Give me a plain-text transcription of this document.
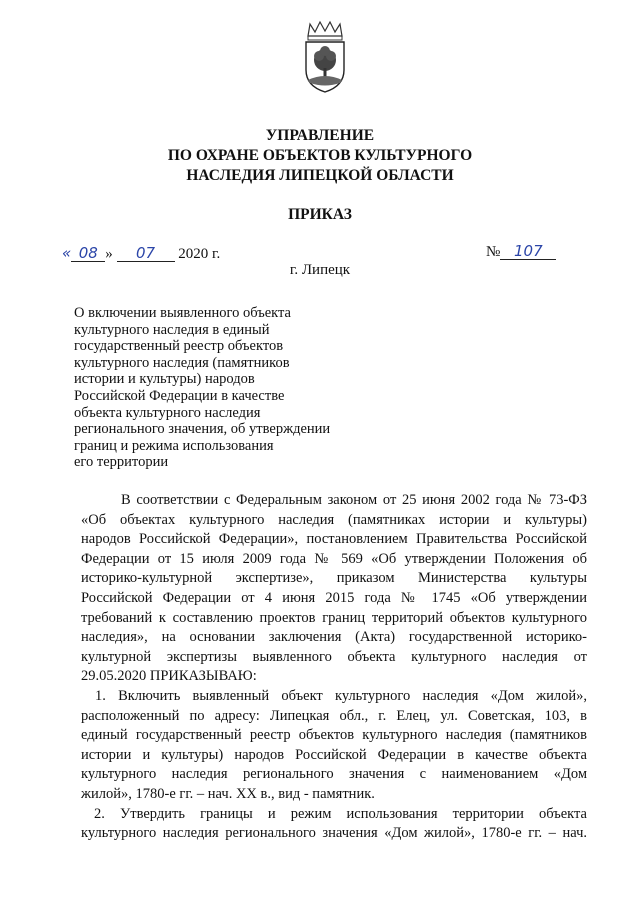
УПРАВЛЕНИЕ
ПО ОХРАНЕ ОБЪЕКТОВ КУЛЬТУРНОГО
НАСЛЕДИЯ ЛИПЕЦКОЙ ОБЛАСТИ
ПРИКАЗ
« 08 » 07 2020 г.	№ 107
г. Липецк
О включении выявленного объекта
культурного наследия в единый
государственный реестр объектов
культурного наследия (памятников
истории и культуры) народов
Российской Федерации в качестве
объекта культурного наследия
регионального значения, об утверждении
границ и режима использования
его территории
В соответствии с Федеральным законом от 25 июня 2002 года № 73-ФЗ
«Об объектах культурного наследия (памятниках истории и культуры)
народов Российской Федерации», постановлением Правительства Российской
Федерации от 15 июля 2009 года № 569 «Об утверждении Положения об
историко-культурной экспертизе», приказом Министерства культуры
Российской Федерации от 4 июня 2015 года № 1745 «Об утверждении
требований к составлению проектов границ территорий объектов культурного
наследия», на основании заключения (Акта) государственной историко-
культурной экспертизы выявленного объекта культурного наследия от
29.05.2020 ПРИКАЗЫВАЮ:
1. Включить выявленный объект культурного наследия «Дом жилой»,
расположенный по адресу: Липецкая обл., г. Елец, ул. Советская, 103, в
единый государственный реестр объектов культурного наследия (памятников
истории и культуры) народов Российской Федерации в качестве объекта
культурного наследия регионального значения с наименованием «Дом
жилой», 1780-е гг. – нач. XX в., вид - памятник.
2. Утвердить границы и режим использования территории объекта
культурного наследия регионального значения «Дом жилой», 1780-е гг. – нач.
